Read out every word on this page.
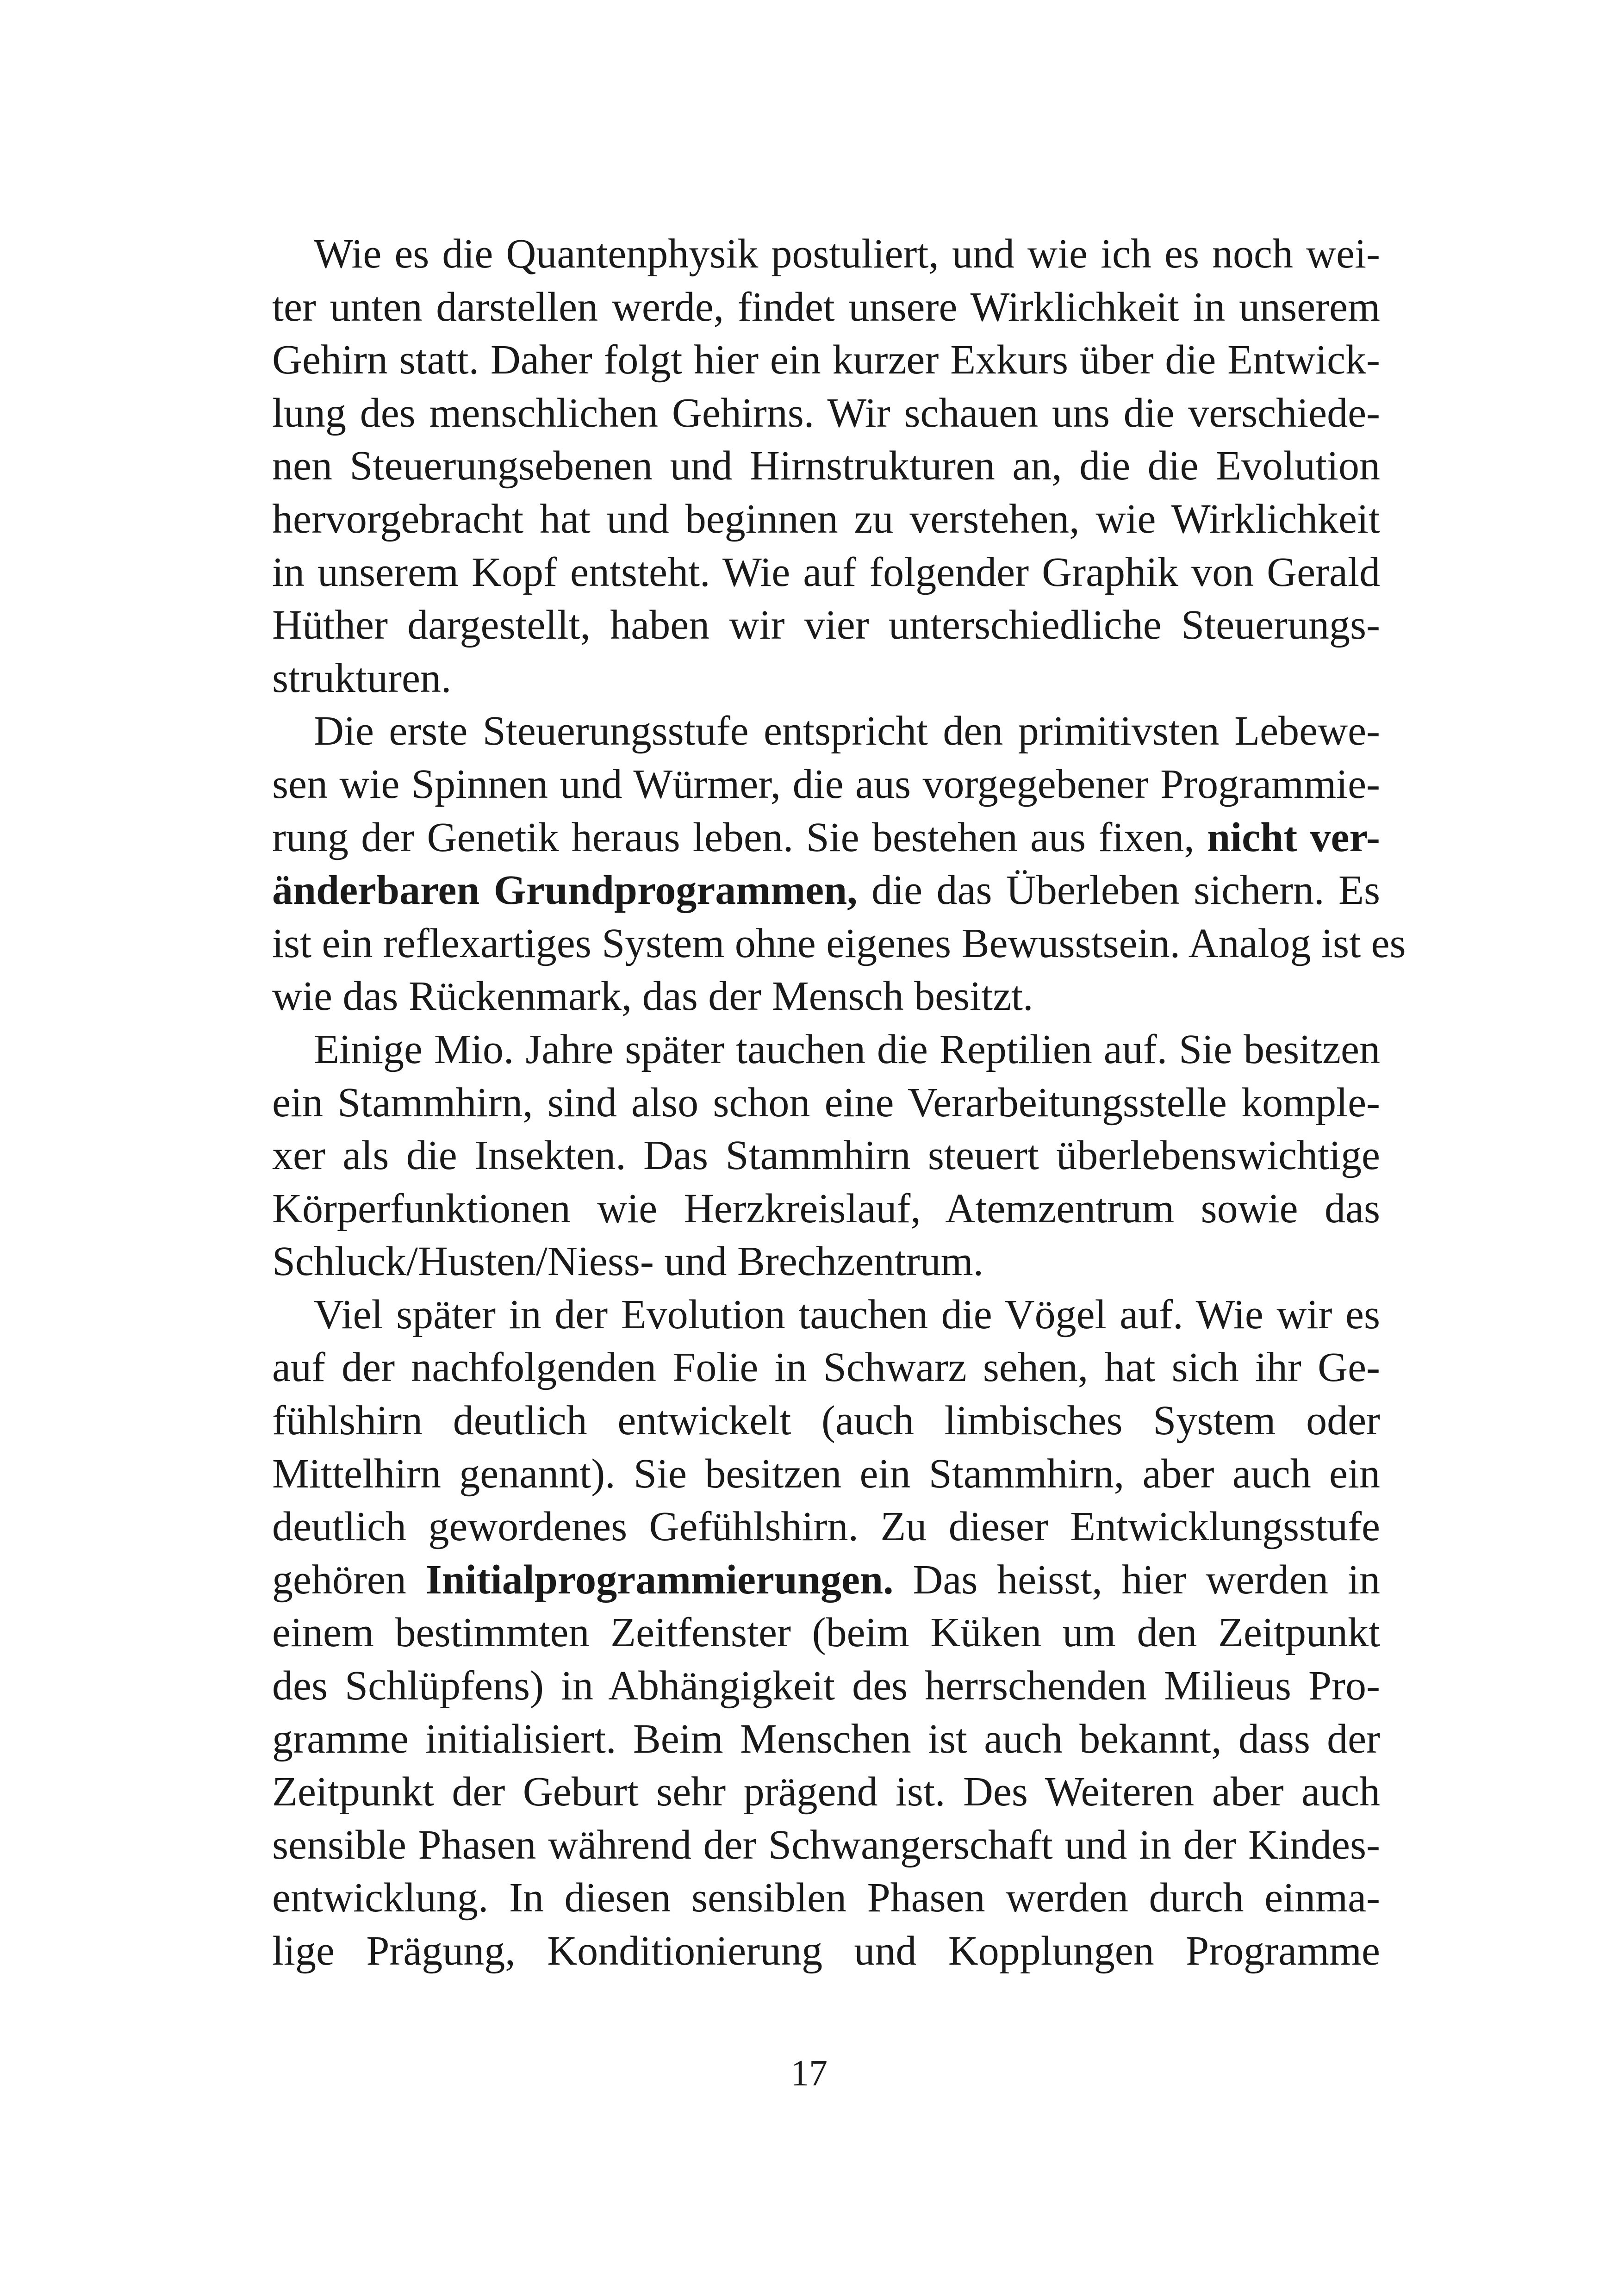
Wie es die Quantenphysik postuliert, und wie ich es noch wei-
ter unten darstellen werde, findet unsere Wirklichkeit in unserem
Gehirn statt. Daher folgt hier ein kurzer Exkurs über die Entwick-
lung des menschlichen Gehirns. Wir schauen uns die verschiede-
nen Steuerungsebenen und Hirnstrukturen an, die die Evolution
hervorgebracht hat und beginnen zu verstehen, wie Wirklichkeit
in unserem Kopf entsteht. Wie auf folgender Graphik von Gerald
Hüther dargestellt, haben wir vier unterschiedliche Steuerungs-
strukturen.
Die erste Steuerungsstufe entspricht den primitivsten Lebewe-
sen wie Spinnen und Würmer, die aus vorgegebener Programmie-
rung der Genetik heraus leben. Sie bestehen aus fixen, nicht ver-
änderbaren Grundprogrammen, die das Überleben sichern. Es
ist ein reflexartiges System ohne eigenes Bewusstsein. Analog ist es
wie das Rückenmark, das der Mensch besitzt.
Einige Mio. Jahre später tauchen die Reptilien auf. Sie besitzen
ein Stammhirn, sind also schon eine Verarbeitungsstelle komple-
xer als die Insekten. Das Stammhirn steuert überlebenswichtige
Körperfunktionen wie Herzkreislauf, Atemzentrum sowie das
Schluck/Husten/Niess- und Brechzentrum.
Viel später in der Evolution tauchen die Vögel auf. Wie wir es
auf der nachfolgenden Folie in Schwarz sehen, hat sich ihr Ge-
fühlshirn deutlich entwickelt (auch limbisches System oder
Mittelhirn genannt). Sie besitzen ein Stammhirn, aber auch ein
deutlich gewordenes Gefühlshirn. Zu dieser Entwicklungsstufe
gehören Initialprogrammierungen. Das heisst, hier werden in
einem bestimmten Zeitfenster (beim Küken um den Zeitpunkt
des Schlüpfens) in Abhängigkeit des herrschenden Milieus Pro-
gramme initialisiert. Beim Menschen ist auch bekannt, dass der
Zeitpunkt der Geburt sehr prägend ist. Des Weiteren aber auch
sensible Phasen während der Schwangerschaft und in der Kindes-
entwicklung. In diesen sensiblen Phasen werden durch einma-
lige Prägung, Konditionierung und Kopplungen Programme
17
